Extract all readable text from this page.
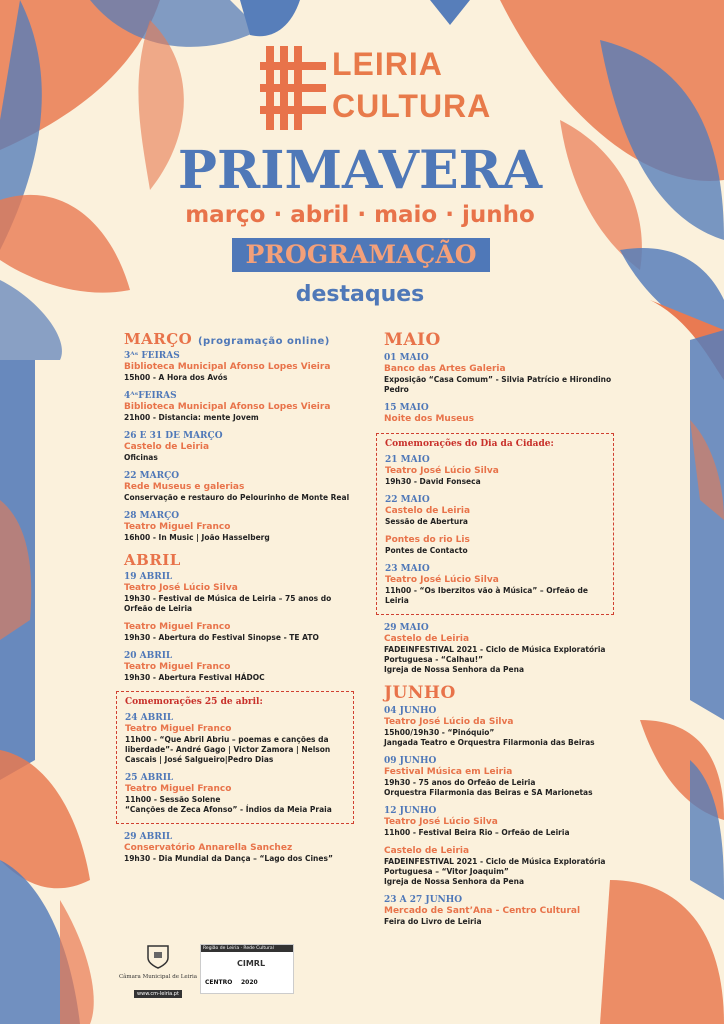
LEIRIA
CULTURA
PRIMAVERA
março · abril · maio · junho
PROGRAMAÇÃO
destaques
MARÇO (programação online)
3ᴬˢ FEIRAS
Biblioteca Municipal Afonso Lopes Vieira
15h00 - A Hora dos Avós
4ᴬˢFEIRAS
Biblioteca Municipal Afonso Lopes Vieira
21h00 - Distancia: mente Jovem
26 E 31 DE MARÇO
Castelo de Leiria
Oficinas
22 MARÇO
Rede Museus e galerias
Conservação e restauro do Pelourinho de Monte Real
28 MARÇO
Teatro Miguel Franco
16h00 - In Music | João Hasselberg
ABRIL
19 ABRIL
Teatro José Lúcio Silva
19h30 - Festival de Música de Leiria – 75 anos do Orfeão de Leiria
Teatro Miguel Franco
19h30 - Abertura do Festival Sinopse - TE ATO
20 ABRIL
Teatro Miguel Franco
19h30 - Abertura Festival HÁDOC
Comemorações 25 de abril:
24 ABRIL
Teatro Miguel Franco
11h00 - “Que Abril Abriu – poemas e canções da liberdade”- André Gago | Victor Zamora | Nelson Cascais | José Salgueiro|Pedro Dias
25 ABRIL
Teatro Miguel Franco
11h00 - Sessão Solene
“Canções de Zeca Afonso” - Índios da Meia Praia
29 ABRIL
Conservatório Annarella Sanchez
19h30 - Dia Mundial da Dança – “Lago dos Cines”
MAIO
01 MAIO
Banco das Artes Galeria
Exposição “Casa Comum” - Silvia Patrício e Hirondino Pedro
15 MAIO
Noite dos Museus
Comemorações do Dia da Cidade:
21 MAIO
Teatro José Lúcio Silva
19h30 - David Fonseca
22 MAIO
Castelo de Leiria
Sessão de Abertura
Pontes do rio Lis
Pontes de Contacto
23 MAIO
Teatro José Lúcio Silva
11h00 - “Os Iberzitos vão à Música” – Orfeão de Leiria
29 MAIO
Castelo de Leiria
FADEINFESTIVAL 2021 - Ciclo de Música Exploratória Portuguesa - “Calhau!”
Igreja de Nossa Senhora da Pena
JUNHO
04 JUNHO
Teatro José Lúcio da Silva
15h00/19h30 - “Pinóquio”
Jangada Teatro e Orquestra Filarmonia das Beiras
09 JUNHO
Festival Música em Leiria
19h30 - 75 anos do Orfeão de Leiria
Orquestra Filarmonia das Beiras e SA Marionetas
12 JUNHO
Teatro José Lúcio Silva
11h00 - Festival Beira Rio – Orfeão de Leiria
Castelo de Leiria
FADEINFESTIVAL 2021 - Ciclo de Música Exploratória Portuguesa – “Vitor Joaquim”
Igreja de Nossa Senhora da Pena
23 A 27 JUNHO
Mercado de Sant’Ana - Centro Cultural
Feira do Livro de Leiria
Câmara Municipal de Leiria
www.cm-leiria.pt
Região de Leiria · Rede Cultural
CIMRL
CENTRO 2020
